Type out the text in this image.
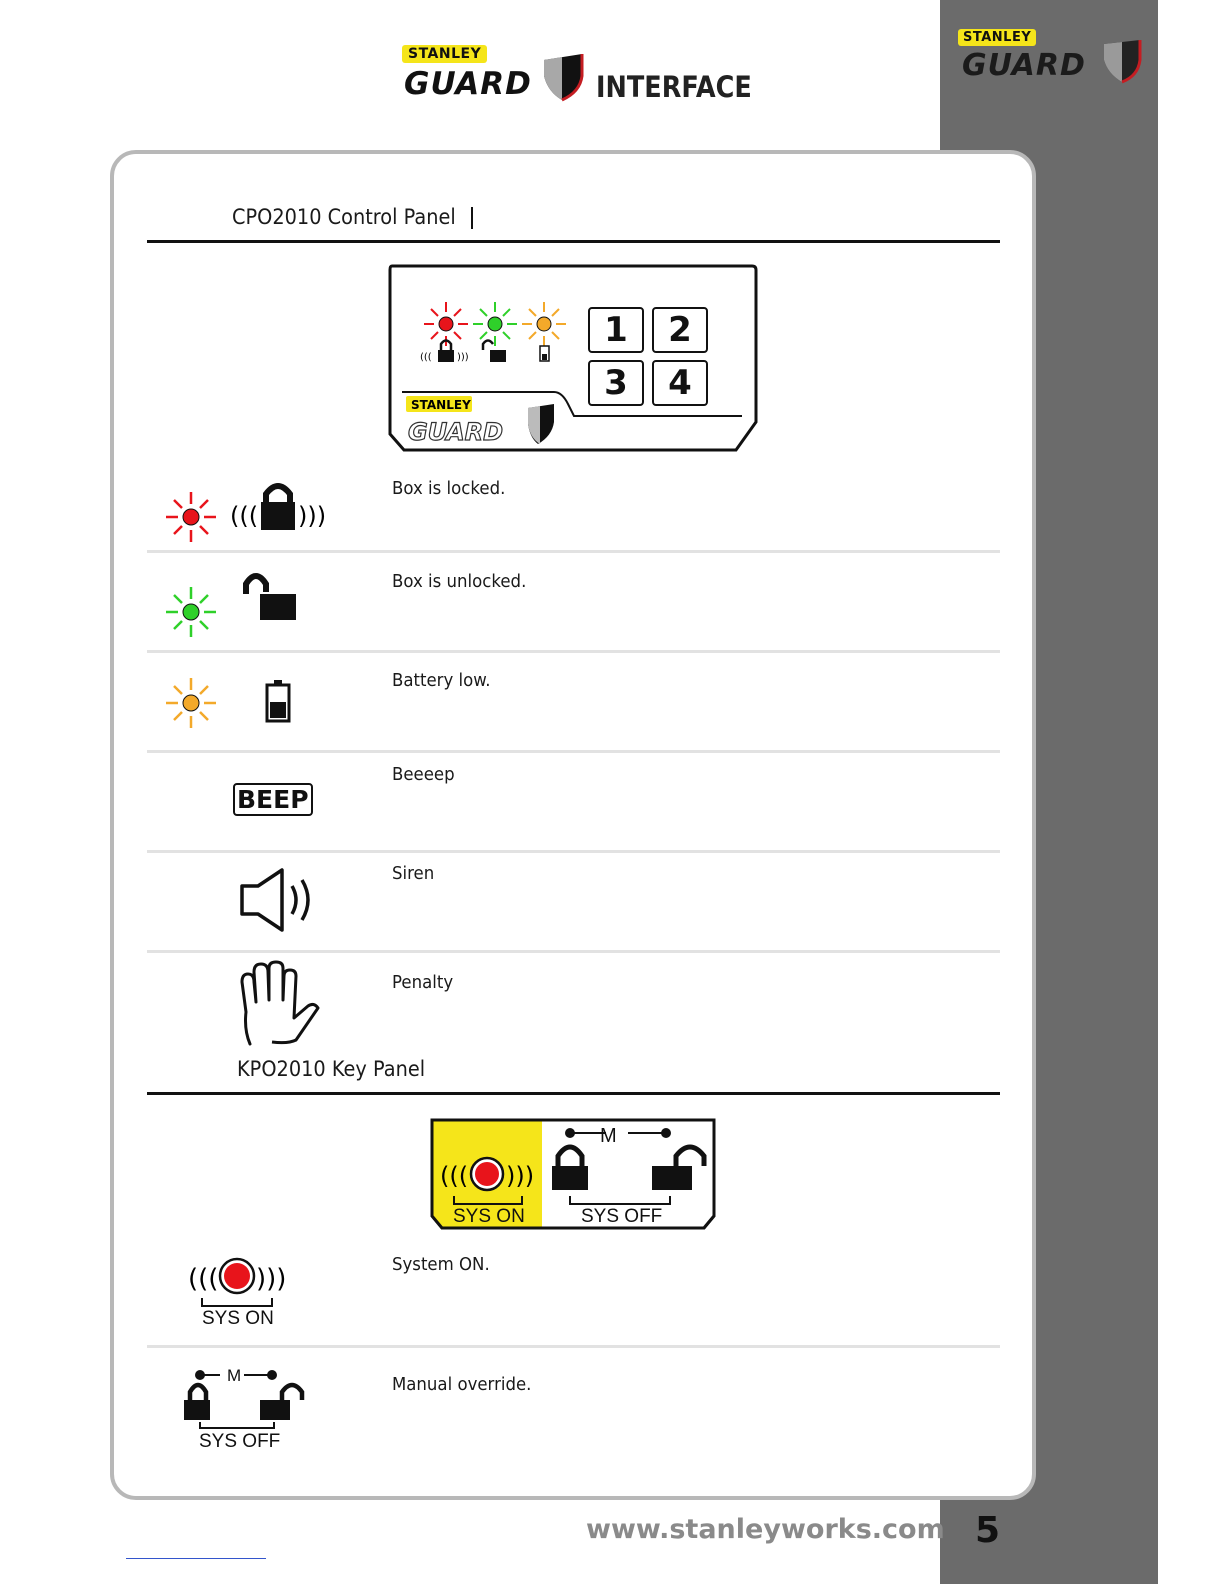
STANLEY
GUARD
STANLEY
GUARD INTERFACE
CPO2010 Control Panel
(((	)))
STANLEY
GUARD
1	2
3	4
((( )))
Box is locked.
Box is unlocked.
Battery low.
BEEP
Beeeep
Siren
Penalty
KPO2010 Key Panel
((( )))
M
SYS ON	SYS OFF
((( )))
SYS ON
System ON.
M
SYS OFF
Manual override.
www.stanleyworks.com 5
